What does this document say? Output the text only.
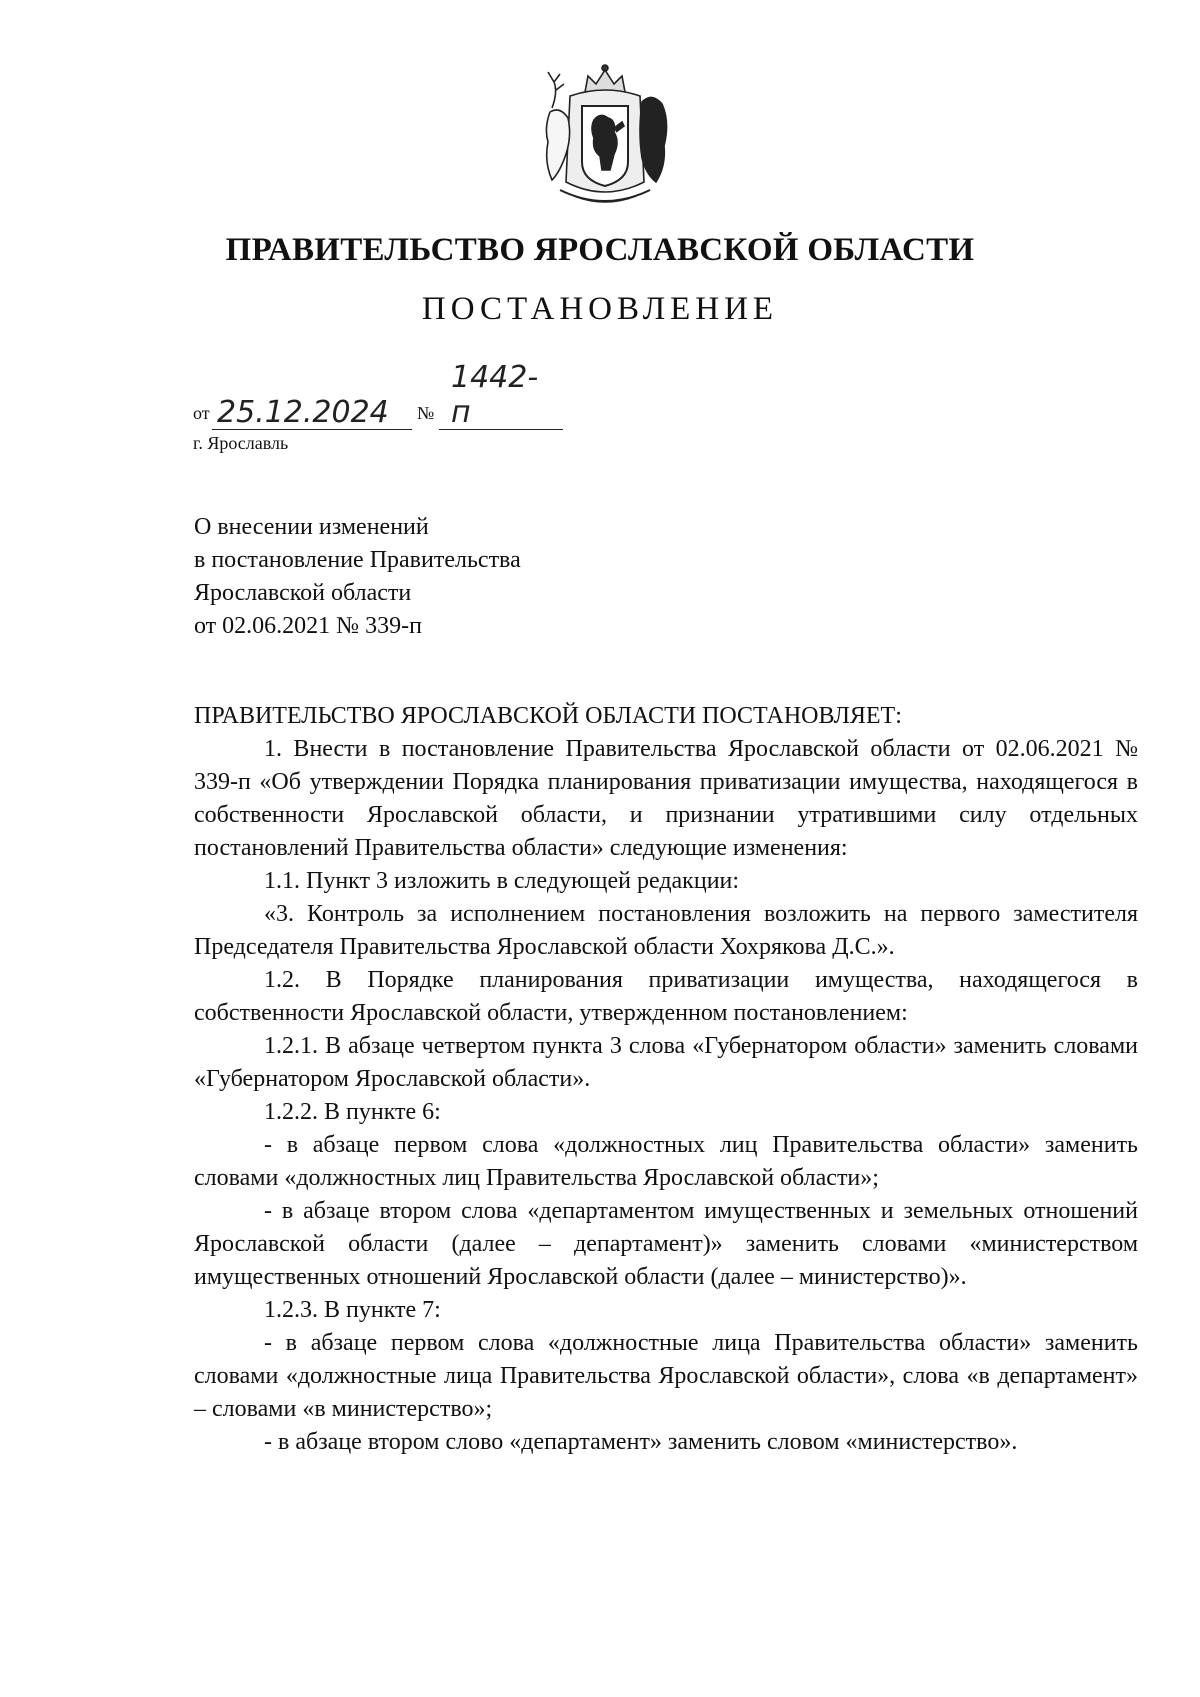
ПРАВИТЕЛЬСТВО ЯРОСЛАВСКОЙ ОБЛАСТИ
ПОСТАНОВЛЕНИЕ
от 25.12.2024 №
1442-п
г. Ярославль
О внесении изменений
в постановление Правительства
Ярославской области
от 02.06.2021 № 339-п
ПРАВИТЕЛЬСТВО ЯРОСЛАВСКОЙ ОБЛАСТИ ПОСТАНОВЛЯЕТ:
1. Внести в постановление Правительства Ярославской области от 02.06.2021 № 339-п «Об утверждении Порядка планирования приватизации имущества, находящегося в собственности Ярославской области, и признании утратившими силу отдельных постановлений Правительства области» следующие изменения:
1.1. Пункт 3 изложить в следующей редакции:
«3. Контроль за исполнением постановления возложить на первого заместителя Председателя Правительства Ярославской области Хохрякова Д.С.».
1.2. В Порядке планирования приватизации имущества, находящегося в собственности Ярославской области, утвержденном постановлением:
1.2.1. В абзаце четвертом пункта 3 слова «Губернатором области» заменить словами «Губернатором Ярославской области».
1.2.2. В пункте 6:
- в абзаце первом слова «должностных лиц Правительства области» заменить словами «должностных лиц Правительства Ярославской области»;
- в абзаце втором слова «департаментом имущественных и земельных отношений Ярославской области (далее – департамент)» заменить словами «министерством имущественных отношений Ярославской области (далее – министерство)».
1.2.3. В пункте 7:
- в абзаце первом слова «должностные лица Правительства области» заменить словами «должностные лица Правительства Ярославской области», слова «в департамент» – словами «в министерство»;
- в абзаце втором слово «департамент» заменить словом «министерство».
